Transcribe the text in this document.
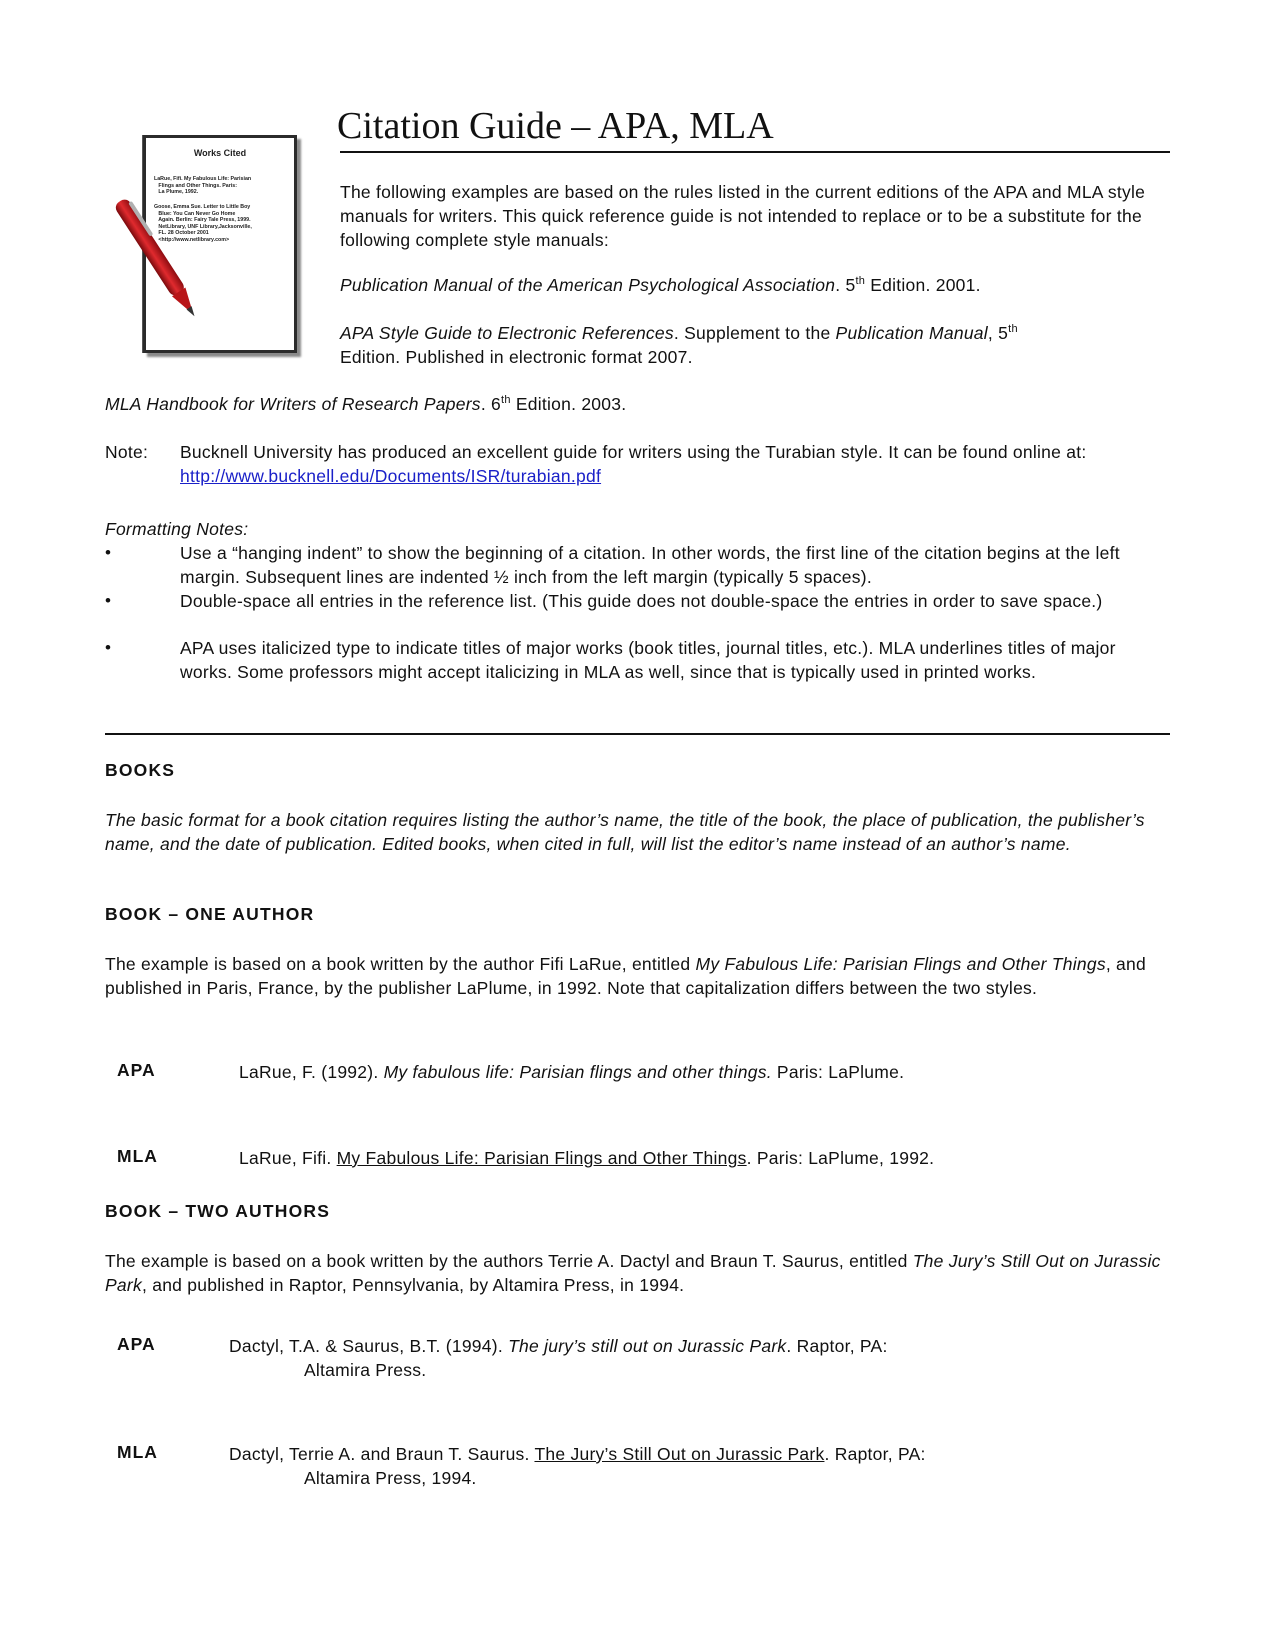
Works Cited
LaRue, Fifi. My Fabulous Life: Parisian
Flings and Other Things. Paris:
La Plume, 1992.
Goose, Emma Sue. Letter to Little Boy
Blue: You Can Never Go Home
Again. Berlin: Fairy Tale Press, 1999.
NetLibrary, UNF Library,Jacksonville,
FL. 28 October 2001
<http://www.netlibrary.com>
Citation Guide – APA, MLA

The following examples are based on the rules listed in the current editions of the APA and MLA style manuals for writers. This quick reference guide is not intended to replace or to be a substitute for the following complete style manuals:

Publication Manual of the American Psychological Association. 5th Edition. 2001.

APA Style Guide to Electronic References. Supplement to the Publication Manual, 5th
Edition. Published in electronic format 2007.

MLA Handbook for Writers of Research Papers. 6th Edition. 2003.

Note: Bucknell University has produced an excellent guide for writers using the Turabian style. It can be found online at: http://www.bucknell.edu/Documents/ISR/turabian.pdf

Formatting Notes:
•	Use a “hanging indent” to show the beginning of a citation. In other words, the first line of the citation begins at the left margin. Subsequent lines are indented ½ inch from the left margin (typically 5 spaces).

•	Double-space all entries in the reference list. (This guide does not double-space the entries in order to save space.)

•	APA uses italicized type to indicate titles of major works (book titles, journal titles, etc.). MLA underlines titles of major works. Some professors might accept italicizing in MLA as well, since that is typically used in printed works.

BOOKS

The basic format for a book citation requires listing the author’s name, the title of the book, the place of publication, the publisher’s name, and the date of publication. Edited books, when cited in full, will list the editor’s name instead of an author’s name.

BOOK – ONE AUTHOR

The example is based on a book written by the author Fifi LaRue, entitled My Fabulous Life: Parisian Flings and Other Things, and published in Paris, France, by the publisher LaPlume, in 1992. Note that capitalization differs between the two styles.

APA	LaRue, F. (1992). My fabulous life: Parisian flings and other things. Paris: LaPlume.

MLA	LaRue, Fifi. My Fabulous Life: Parisian Flings and Other Things. Paris: LaPlume, 1992.

BOOK – TWO AUTHORS

The example is based on a book written by the authors Terrie A. Dactyl and Braun T. Saurus, entitled The Jury’s Still Out on Jurassic Park, and published in Raptor, Pennsylvania, by Altamira Press, in 1994.

APA	Dactyl, T.A. & Saurus, B.T. (1994). The jury’s still out on Jurassic Park. Raptor, PA:

Altamira Press.

MLA	Dactyl, Terrie A. and Braun T. Saurus. The Jury’s Still Out on Jurassic Park. Raptor, PA:

Altamira Press, 1994.
